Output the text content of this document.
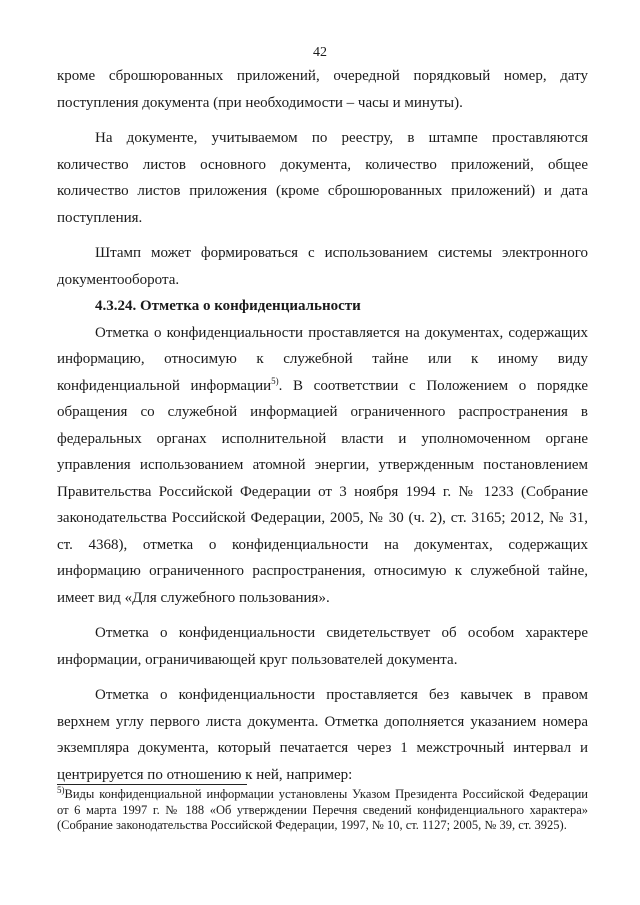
42

кроме сброшюрованных приложений, очередной порядковый номер, дату поступления документа (при необходимости – часы и минуты).

На документе, учитываемом по реестру, в штампе проставляются количество листов основного документа, количество приложений, общее количество листов приложения (кроме сброшюрованных приложений) и дата поступления.

Штамп может формироваться с использованием системы электронного документооборота.

4.3.24. Отметка о конфиденциальности

Отметка о конфиденциальности проставляется на документах, содержащих информацию, относимую к служебной тайне или к иному виду конфиденциальной информации$^{5)}$. В соответствии с Положением о порядке обращения со служебной информацией ограниченного распространения в федеральных органах исполнительной власти и уполномоченном органе управления использованием атомной энергии, утвержденным постановлением Правительства Российской Федерации от 3 ноября 1994 г. № 1233 (Собрание законодательства Российской Федерации, 2005, № 30 (ч. 2), ст. 3165; 2012, № 31, ст. 4368), отметка о конфиденциальности на документах, содержащих информацию ограниченного распространения, относимую к служебной тайне, имеет вид «Для служебного пользования».

Отметка о конфиденциальности свидетельствует об особом характере информации, ограничивающей круг пользователей документа.

Отметка о конфиденциальности проставляется без кавычек в правом верхнем углу первого листа документа. Отметка дополняется указанием номера экземпляра документа, который печатается через 1 межстрочный интервал и центрируется по отношению к ней, например:

$^{5)}$Виды конфиденциальной информации установлены Указом Президента Российской Федерации от 6 марта 1997 г. № 188 «Об утверждении Перечня сведений конфиденциального характера» (Собрание законодательства Российской Федерации, 1997, № 10, ст. 1127; 2005, № 39, ст. 3925).
